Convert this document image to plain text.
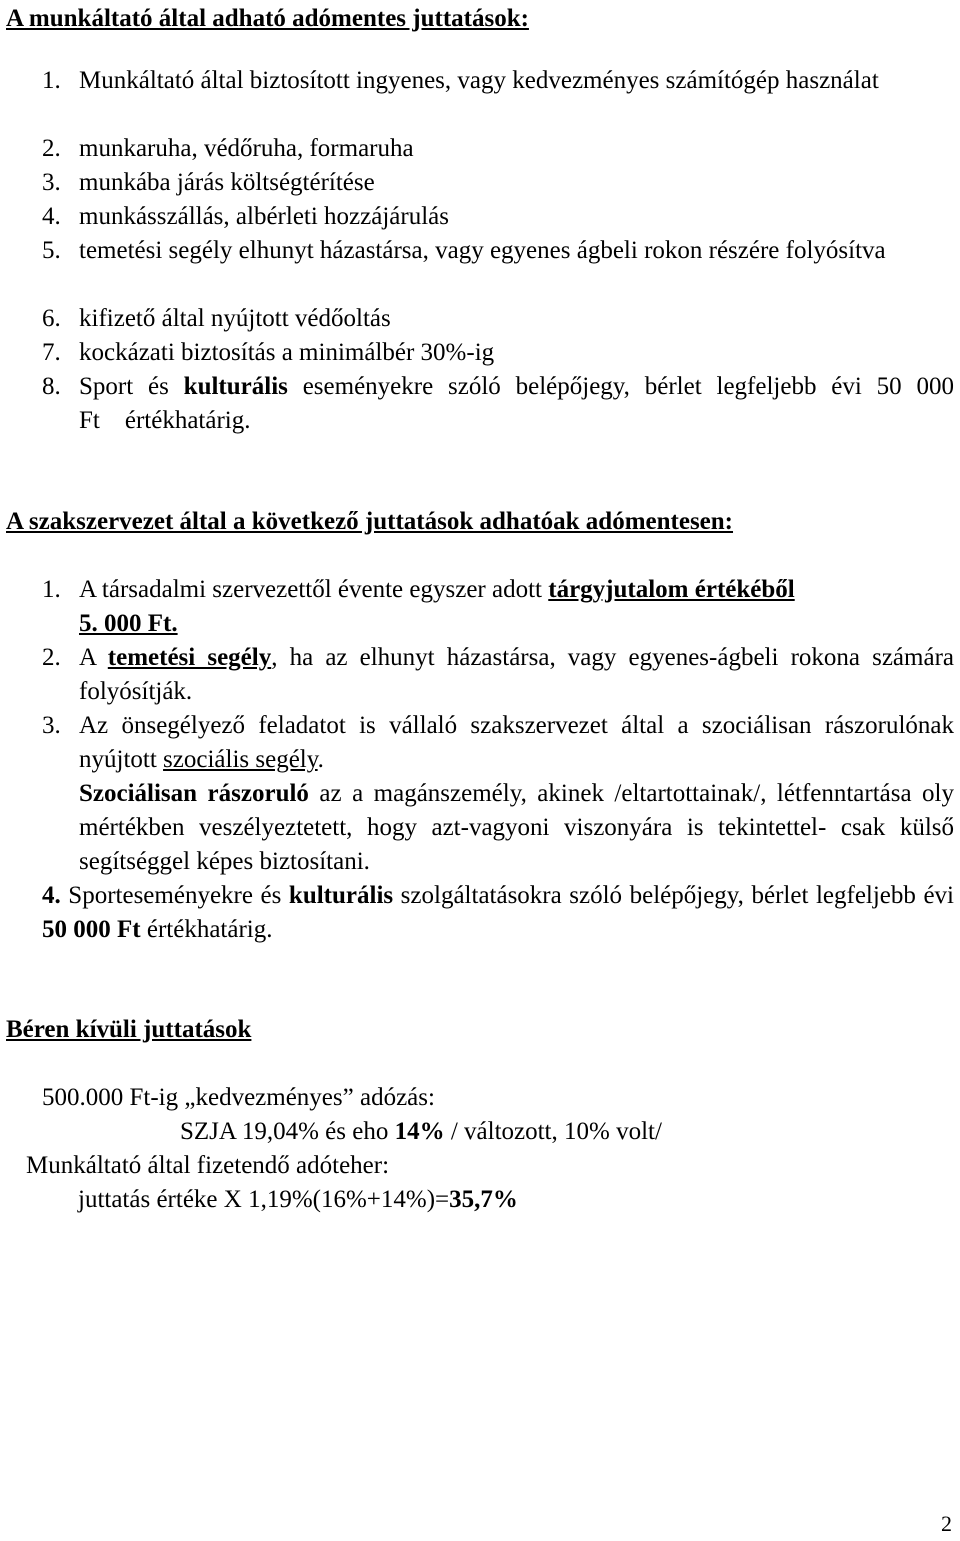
A munkáltató által adható adómentes juttatások:
1. Munkáltató által biztosított ingyenes, vagy kedvezményes számítógép használat
2. munkaruha, védőruha, formaruha
3. munkába járás költségtérítése
4. munkásszállás, albérleti hozzájárulás
5. temetési segély elhunyt házastársa, vagy egyenes ágbeli rokon részére folyósítva
6. kifizető által nyújtott védőoltás
7. kockázati biztosítás a minimálbér 30%-ig
8. Sport és kulturális eseményekre szóló belépőjegy, bérlet legfeljebb évi 50 000 Ft értékhatárig.
A szakszervezet által a következő juttatások adhatóak adómentesen:
1. A társadalmi szervezettől évente egyszer adott tárgyjutalom értékéből
5. 000 Ft.
2. A temetési segély, ha az elhunyt házastársa, vagy egyenes-ágbeli rokona számára folyósítják.
3. Az önsegélyező feladatot is vállaló szakszervezet által a szociálisan rászorulónak nyújtott szociális segély.
Szociálisan rászoruló az a magánszemély, akinek /eltartottainak/, létfenntartása oly mértékben veszélyeztetett, hogy azt-vagyoni viszonyára is tekintettel- csak külső segítséggel képes biztosítani.
4. Sporteseményekre és kulturális szolgáltatásokra szóló belépőjegy, bérlet legfeljebb évi 50 000 Ft értékhatárig.
Béren kívüli juttatások
500.000 Ft-ig „kedvezményes” adózás:
SZJA 19,04% és eho 14% / változott, 10% volt/
Munkáltató által fizetendő adóteher:
juttatás értéke X 1,19%(16%+14%)=35,7%
2
